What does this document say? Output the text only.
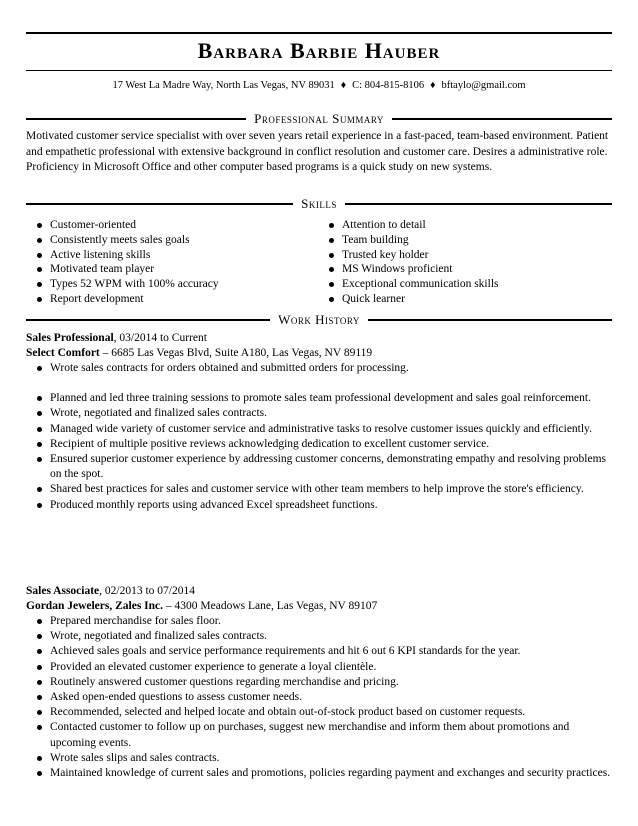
Barbara Barbie Hauber
17 West La Madre Way, North Las Vegas, NV 89031 ♦ C: 804-815-8106 ♦ bftaylo@gmail.com
Professional Summary

Motivated customer service specialist with over seven years retail experience in a fast-paced, team-based environment. Patient and empathetic professional with extensive background in conflict resolution and customer care. Desires a administrative role. Proficiency in Microsoft Office and other computer based programs is a quick study on new systems.

Skills
Customer-oriented
Consistently meets sales goals
Active listening skills
Motivated team player
Types 52 WPM with 100% accuracy
Report development
Attention to detail
Team building
Trusted key holder
MS Windows proficient
Exceptional communication skills
Quick learner
Work History
Sales Professional, 03/2014 to Current
Select Comfort – 6685 Las Vegas Blvd, Suite A180, Las Vegas, NV 89119
Wrote sales contracts for orders obtained and submitted orders for processing.
Planned and led three training sessions to promote sales team professional development and sales goal reinforcement.
Wrote, negotiated and finalized sales contracts.
Managed wide variety of customer service and administrative tasks to resolve customer issues quickly and efficiently.
Recipient of multiple positive reviews acknowledging dedication to excellent customer service.
Ensured superior customer experience by addressing customer concerns, demonstrating empathy and resolving problems on the spot.
Shared best practices for sales and customer service with other team members to help improve the store's efficiency.
Produced monthly reports using advanced Excel spreadsheet functions.
Sales Associate, 02/2013 to 07/2014
Gordan Jewelers, Zales Inc. – 4300 Meadows Lane, Las Vegas, NV 89107
Prepared merchandise for sales floor.
Wrote, negotiated and finalized sales contracts.
Achieved sales goals and service performance requirements and hit 6 out 6 KPI standards for the year.
Provided an elevated customer experience to generate a loyal clientèle.
Routinely answered customer questions regarding merchandise and pricing.
Asked open-ended questions to assess customer needs.
Recommended, selected and helped locate and obtain out-of-stock product based on customer requests.
Contacted customer to follow up on purchases, suggest new merchandise and inform them about promotions and upcoming events.
Wrote sales slips and sales contracts.
Maintained knowledge of current sales and promotions, policies regarding payment and exchanges and security practices.
